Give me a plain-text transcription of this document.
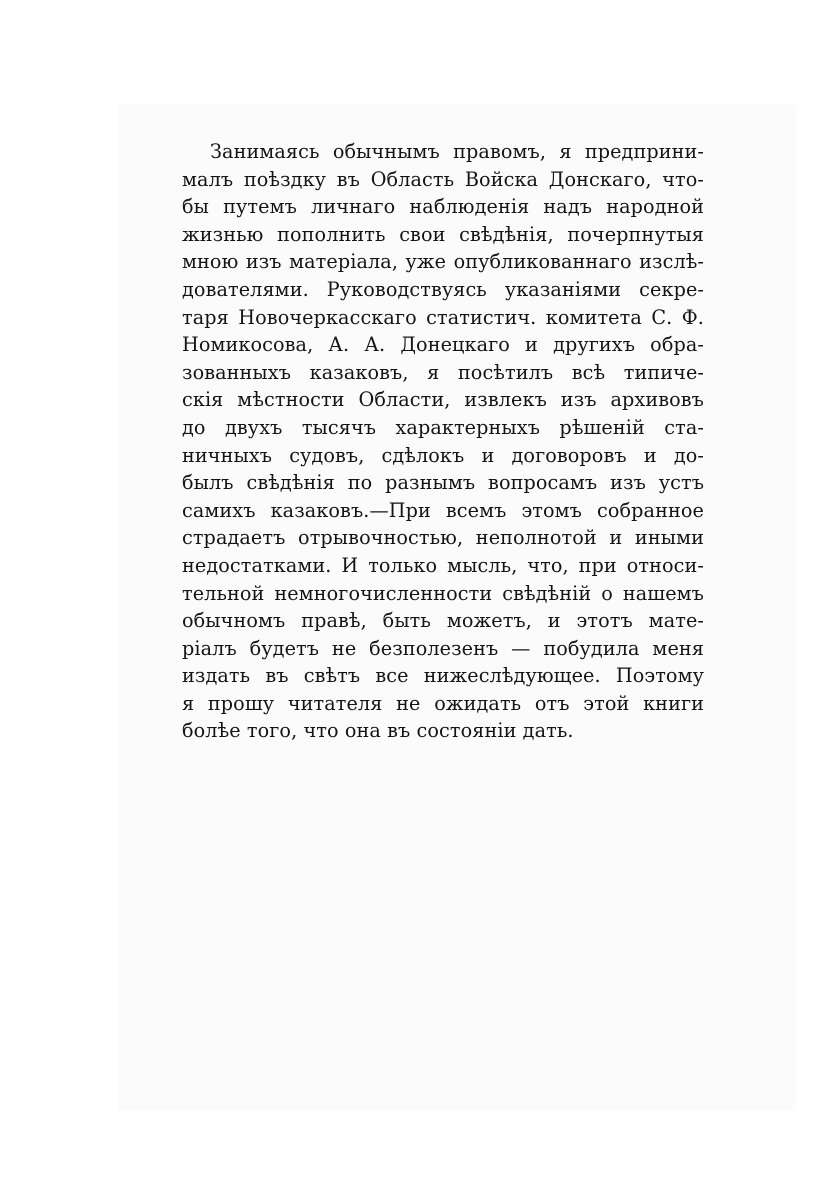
Занимаясь обычнымъ правомъ, я предприни-
малъ поѣздку въ Область Войска Донскаго, что-
бы путемъ личнаго наблюденія надъ народной
жизнью пополнить свои свѣдѣнія, почерпнутыя
мною изъ матеріала, уже опубликованнаго изслѣ-
дователями. Руководствуясь указаніями секре-
таря Новочеркасскаго статистич. комитета С. Ф.
Номикосова, А. А. Донецкаго и другихъ обра-
зованныхъ казаковъ, я посѣтилъ всѣ типиче-
скія мѣстности Области, извлекъ изъ архивовъ
до двухъ тысячъ характерныхъ рѣшеній ста-
ничныхъ судовъ, сдѣлокъ и договоровъ и до-
былъ свѣдѣнія по разнымъ вопросамъ изъ устъ
самихъ казаковъ.—При всемъ этомъ собранное
страдаетъ отрывочностью, неполнотой и иными
недостатками. И только мысль, что, при относи-
тельной немногочисленности свѣдѣній о нашемъ
обычномъ правѣ, быть можетъ, и этотъ мате-
ріалъ будетъ не безполезенъ — побудила меня
издать въ свѣтъ все нижеслѣдующее. Поэтому
я прошу читателя не ожидать отъ этой книги
болѣе того, что она въ состояніи дать.
